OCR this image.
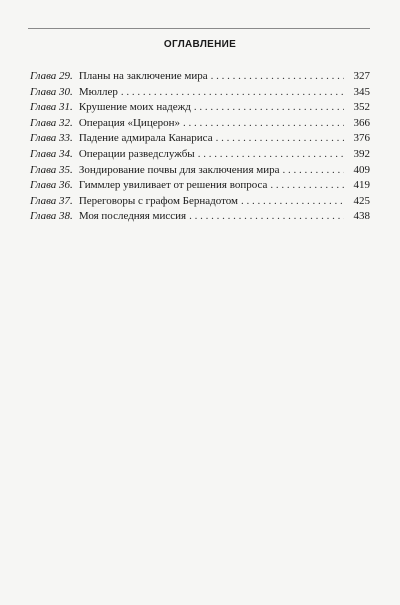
ОГЛАВЛЕНИЕ
Глава 29. Планы на заключение мира . . .	327
Глава 30. Мюллер . . .	345
Глава 31. Крушение моих надежд . . .	352
Глава 32. Операция «Цицерон» . . .	366
Глава 33. Падение адмирала Канариса . . .	376
Глава 34. Операции разведслужбы . . .	392
Глава 35. Зондирование почвы для заключения мира . . .	409
Глава 36. Гиммлер увиливает от решения вопроса . . .	419
Глава 37. Переговоры с графом Бернадотом . . .	425
Глава 38. Моя последняя миссия . . .	438
